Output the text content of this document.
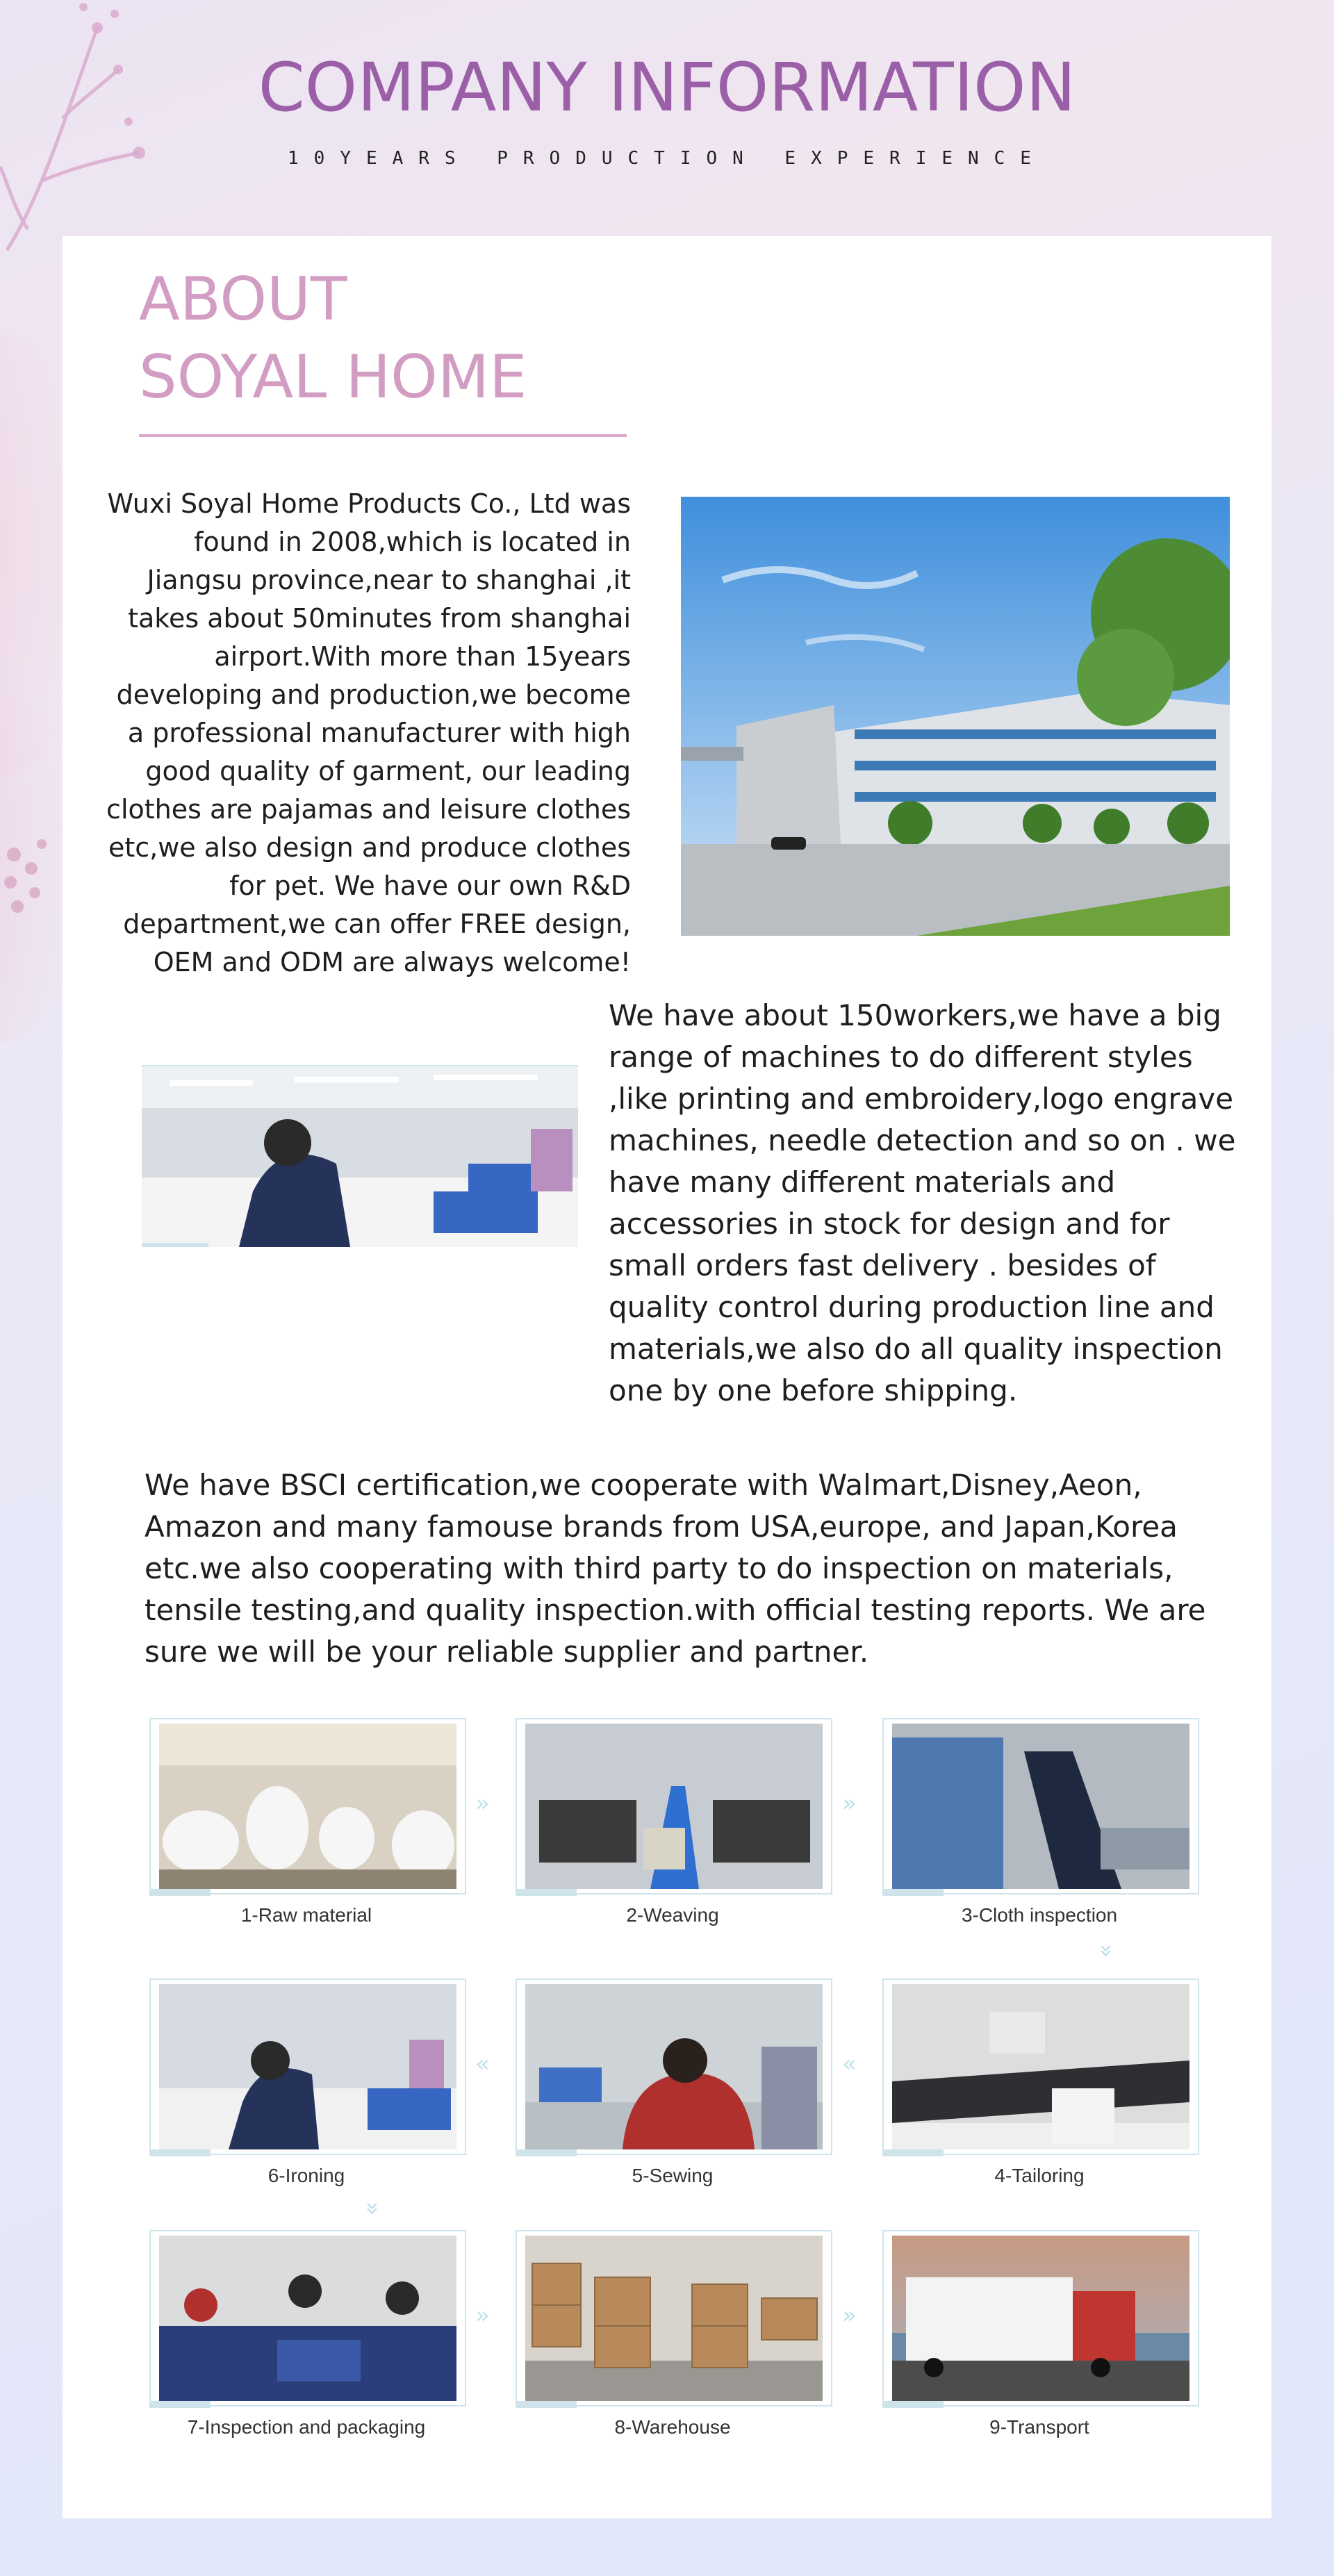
COMPANY INFORMATION
10YEARS PRODUCTION EXPERIENCE
ABOUT
SOYAL HOME

Wuxi Soyal Home Products Co., Ltd was found in 2008,which is located in Jiangsu province,near to shanghai ,it takes about 50minutes from shanghai airport.With more than 15years developing and production,we become a professional manufacturer with high good quality of garment, our leading clothes are pajamas and leisure clothes etc,we also design and produce clothes for pet. We have our own R&D department,we can offer FREE design, OEM and ODM are always welcome!

We have about 150workers,we have a big range of machines to do different styles ,like printing and embroidery,logo engrave machines, needle detection and so on . we have many different materials and accessories in stock for design and for small orders fast delivery . besides of quality control during production line and materials,we also do all quality inspection one by one before shipping.

We have BSCI certification,we cooperate with Walmart,Disney,Aeon, Amazon and many famouse brands from USA,europe, and Japan,Korea etc.we also cooperating with third party to do inspection on materials, tensile testing,and quality inspection.with official testing reports. We are sure we will be your reliable supplier and partner.

1-Raw material	2-Weaving	3-Cloth inspection
»	»
»
6-Ironing	5-Sewing	4-Tailoring
«	«
»
7-Inspection and packaging	8-Warehouse	9-Transport
»	»
